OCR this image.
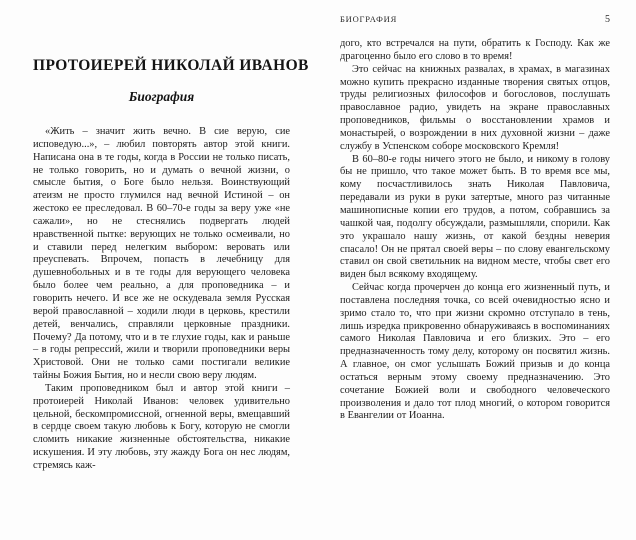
ПРОТОИЕРЕЙ НИКОЛАЙ ИВАНОВ
Биография

«Жить – значит жить вечно. В сие верую, сие исповедую...», – любил повторять автор этой книги. Написана она в те годы, когда в России не только писать, не только говорить, но и думать о вечной жизни, о смысле бытия, о Боге было нельзя. Воинствующий атеизм не просто глумился над вечной Истиной – он жестоко ее преследовал. В 60–70-е годы за веру уже «не сажали», но не стеснялись подвергать людей нравственной пытке: верующих не только осмеивали, но и ставили перед нелегким выбором: веровать или преуспевать. Впрочем, попасть в лечебницу для душевнобольных и в те годы для верующего человека было более чем реально, а для проповедника – и говорить нечего. И все же не оскудевала земля Русская верой православной – ходили люди в церковь, крестили детей, венчались, справляли церковные праздники. Почему? Да потому, что и в те глухие годы, как и раньше – в годы репрессий, жили и творили проповедники веры Христовой. Они не только сами постигали великие тайны Божия Бытия, но и несли свою веру людям.

Таким проповедником был и автор этой книги – протоиерей Николай Иванов: человек удивительно цельной, бескомпромиссной, огненной веры, вмещавший в сердце своем такую любовь к Богу, которую не смогли сломить никакие жизненные обстоятельства, никакие искушения. И эту любовь, эту жажду Бога он нес людям, стремясь каж-

БИОГРАФИЯ	5

дого, кто встречался на пути, обратить к Господу. Как же драгоценно было его слово в то время!

Это сейчас на книжных развалах, в храмах, в магазинах можно купить прекрасно изданные творения святых отцов, труды религиозных философов и богословов, послушать православное радио, увидеть на экране православных проповедников, фильмы о восстановлении храмов и монастырей, о возрождении в них духовной жизни – даже службу в Успенском соборе московского Кремля!

В 60–80-е годы ничего этого не было, и никому в голову бы не пришло, что такое может быть. В то время все мы, кому посчастливилось знать Николая Павловича, передавали из руки в руки затертые, много раз читанные машинописные копии его трудов, а потом, собравшись за чашкой чая, подолгу обсуждали, размышляли, спорили. Как это украшало нашу жизнь, от какой бездны неверия спасало! Он не прятал своей веры – по слову евангельскому ставил он свой светильник на видном месте, чтобы свет его виден был всякому входящему.

Сейчас когда прочерчен до конца его жизненный путь, и поставлена последняя точка, со всей очевидностью ясно и зримо стало то, что при жизни скромно отступало в тень, лишь изредка прикровенно обнаруживаясь в воспоминаниях самого Николая Павловича и его близких. Это – его предназначенность тому делу, которому он посвятил жизнь. А главное, он смог услышать Божий призыв и до конца остаться верным этому своему предназначению. Это сочетание Божией воли и свободного человеческого произволения и дало тот плод многий, о котором говорится в Евангелии от Иоанна.
